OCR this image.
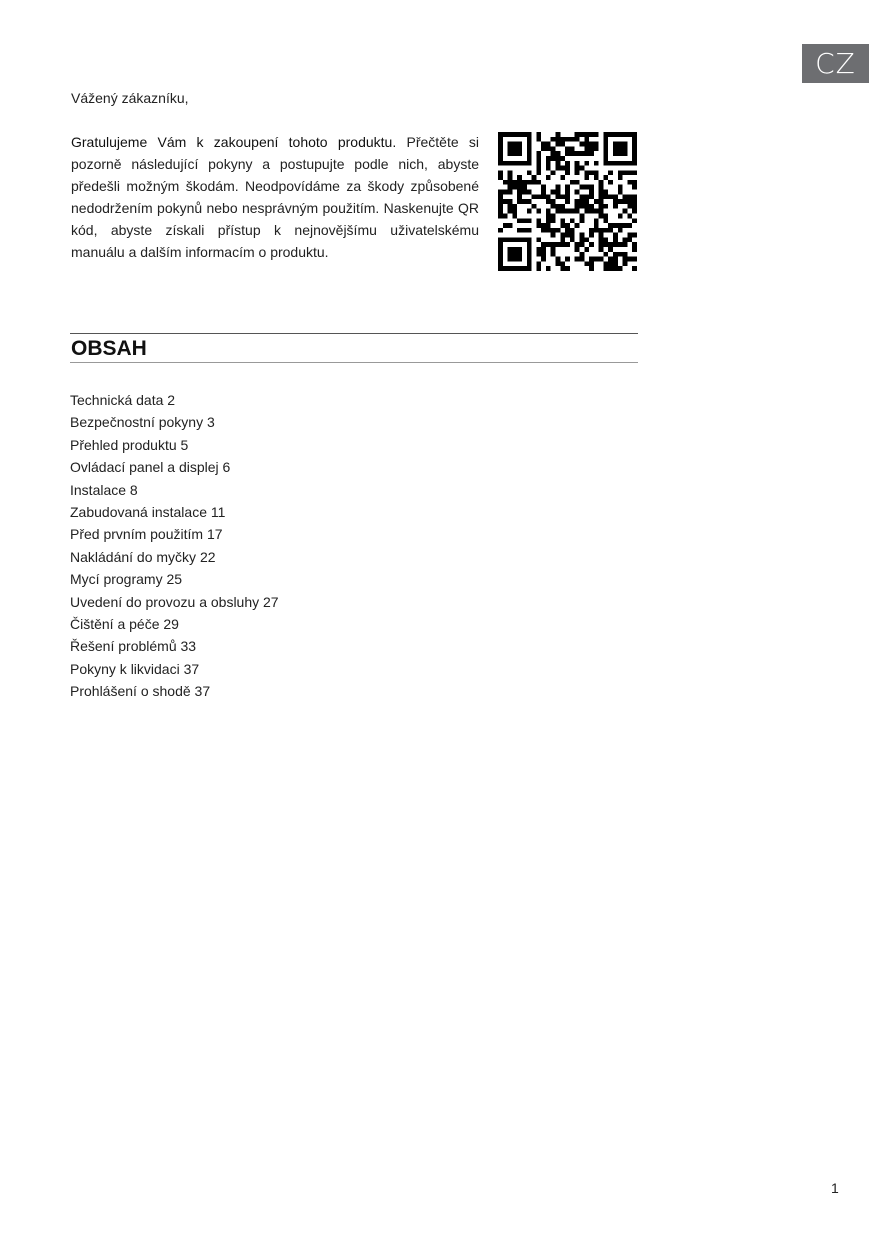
CZ
Vážený zákazníku,
Gratulujeme Vám k zakoupení tohoto produktu. Přečtěte si pozorně následující pokyny a postupujte podle nich, abyste předešli možným škodám. Neodpovídáme za škody způsobené nedodržením pokynů nebo nesprávným použitím. Naskenujte QR kód, abyste získali přístup k nejnovějšímu uživatelskému manuálu a dalším informacím o produktu.
OBSAH
Technická data 2
Bezpečnostní pokyny 3
Přehled produktu 5
Ovládací panel a displej 6
Instalace 8
Zabudovaná instalace 11
Před prvním použitím 17
Nakládání do myčky 22
Mycí programy 25
Uvedení do provozu a obsluhy 27
Čištění a péče 29
Řešení problémů 33
Pokyny k likvidaci 37
Prohlášení o shodě 37
1
